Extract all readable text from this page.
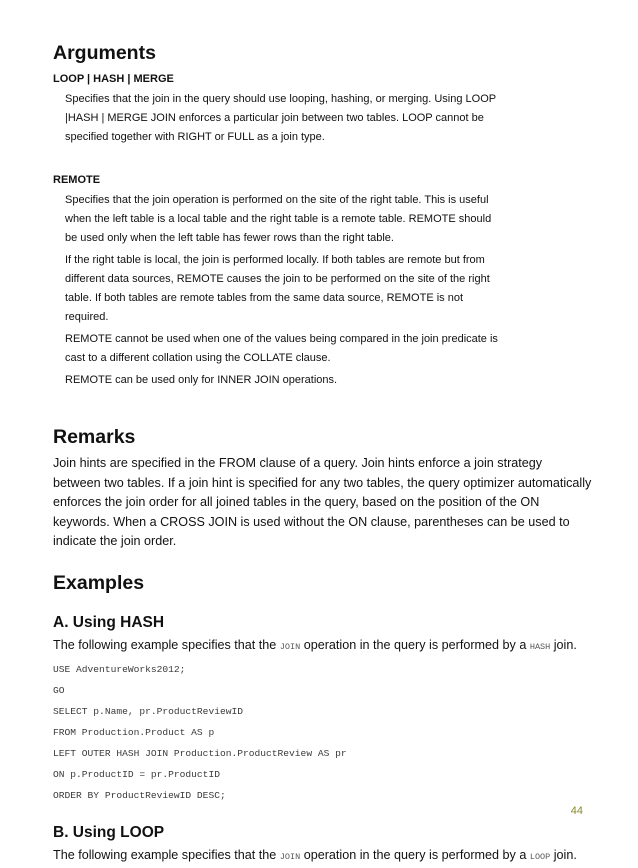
Arguments
LOOP | HASH | MERGE

Specifies that the join in the query should use looping, hashing, or merging. Using LOOP |HASH | MERGE JOIN enforces a particular join between two tables. LOOP cannot be specified together with RIGHT or FULL as a join type.

REMOTE

Specifies that the join operation is performed on the site of the right table. This is useful when the left table is a local table and the right table is a remote table. REMOTE should be used only when the left table has fewer rows than the right table.

If the right table is local, the join is performed locally. If both tables are remote but from different data sources, REMOTE causes the join to be performed on the site of the right table. If both tables are remote tables from the same data source, REMOTE is not required.

REMOTE cannot be used when one of the values being compared in the join predicate is cast to a different collation using the COLLATE clause.

REMOTE can be used only for INNER JOIN operations.

Remarks

Join hints are specified in the FROM clause of a query. Join hints enforce a join strategy between two tables. If a join hint is specified for any two tables, the query optimizer automatically enforces the join order for all joined tables in the query, based on the position of the ON keywords. When a CROSS JOIN is used without the ON clause, parentheses can be used to indicate the join order.

Examples
A. Using HASH

The following example specifies that the JOIN operation in the query is performed by a HASH join.

USE AdventureWorks2012;
GO
SELECT p.Name, pr.ProductReviewID
FROM Production.Product AS p
LEFT OUTER HASH JOIN Production.ProductReview AS pr
ON p.ProductID = pr.ProductID
ORDER BY ProductReviewID DESC;
B. Using LOOP

The following example specifies that the JOIN operation in the query is performed by a LOOP join.

44
